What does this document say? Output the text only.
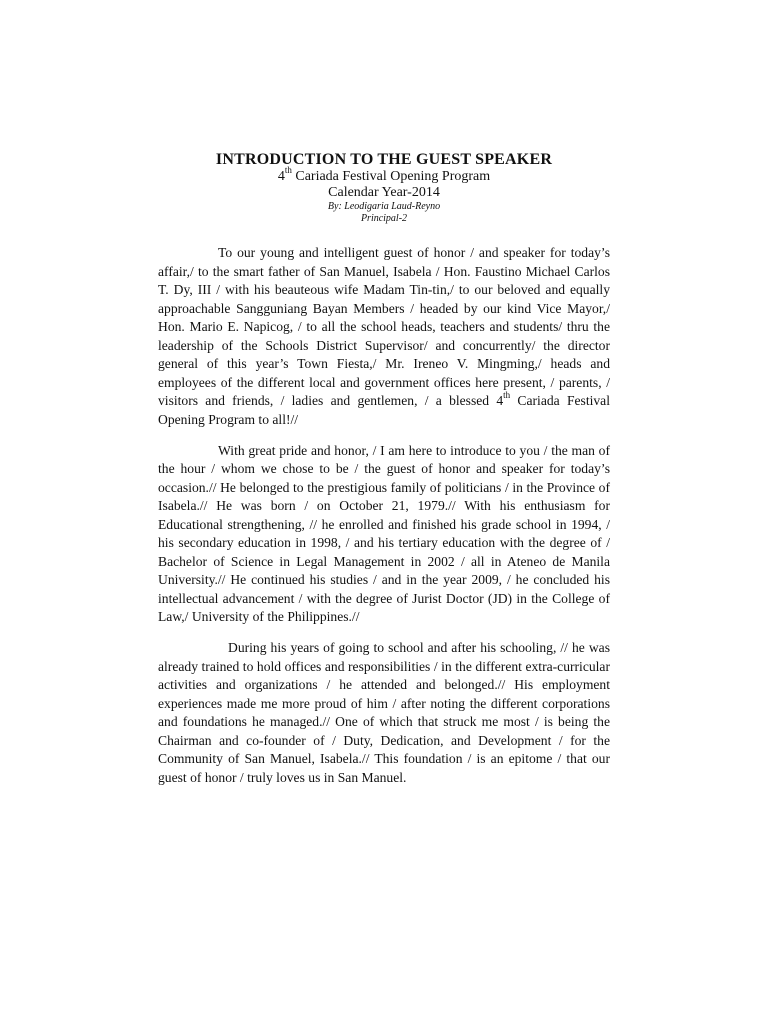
INTRODUCTION TO THE GUEST SPEAKER
4th Cariada Festival Opening Program
Calendar Year-2014
By: Leodigaria Laud-Reyno
Principal-2

To our young and intelligent guest of honor / and speaker for today’s affair,/ to the smart father of San Manuel, Isabela / Hon. Faustino Michael Carlos T. Dy, III / with his beauteous wife Madam Tin-tin,/ to our beloved and equally approachable Sangguniang Bayan Members / headed by our kind Vice Mayor,/ Hon. Mario E. Napicog, / to all the school heads, teachers and students/ thru the leadership of the Schools District Supervisor/ and concurrently/ the director general of this year’s Town Fiesta,/ Mr. Ireneo V. Mingming,/ heads and employees of the different local and government offices here present, / parents, / visitors and friends, / ladies and gentlemen, / a blessed 4th Cariada Festival Opening Program to all!//

With great pride and honor, / I am here to introduce to you / the man of the hour / whom we chose to be / the guest of honor and speaker for today’s occasion.// He belonged to the prestigious family of politicians / in the Province of Isabela.// He was born / on October 21, 1979.// With his enthusiasm for Educational strengthening, // he enrolled and finished his grade school in 1994, / his secondary education in 1998, / and his tertiary education with the degree of / Bachelor of Science in Legal Management in 2002 / all in Ateneo de Manila University.// He continued his studies / and in the year 2009, / he concluded his intellectual advancement / with the degree of Jurist Doctor (JD) in the College of Law,/ University of the Philippines.//

During his years of going to school and after his schooling, // he was already trained to hold offices and responsibilities / in the different extra-curricular activities and organizations / he attended and belonged.// His employment experiences made me more proud of him / after noting the different corporations and foundations he managed.// One of which that struck me most / is being the Chairman and co-founder of / Duty, Dedication, and Development / for the Community of San Manuel, Isabela.// This foundation / is an epitome / that our guest of honor / truly loves us in San Manuel.
